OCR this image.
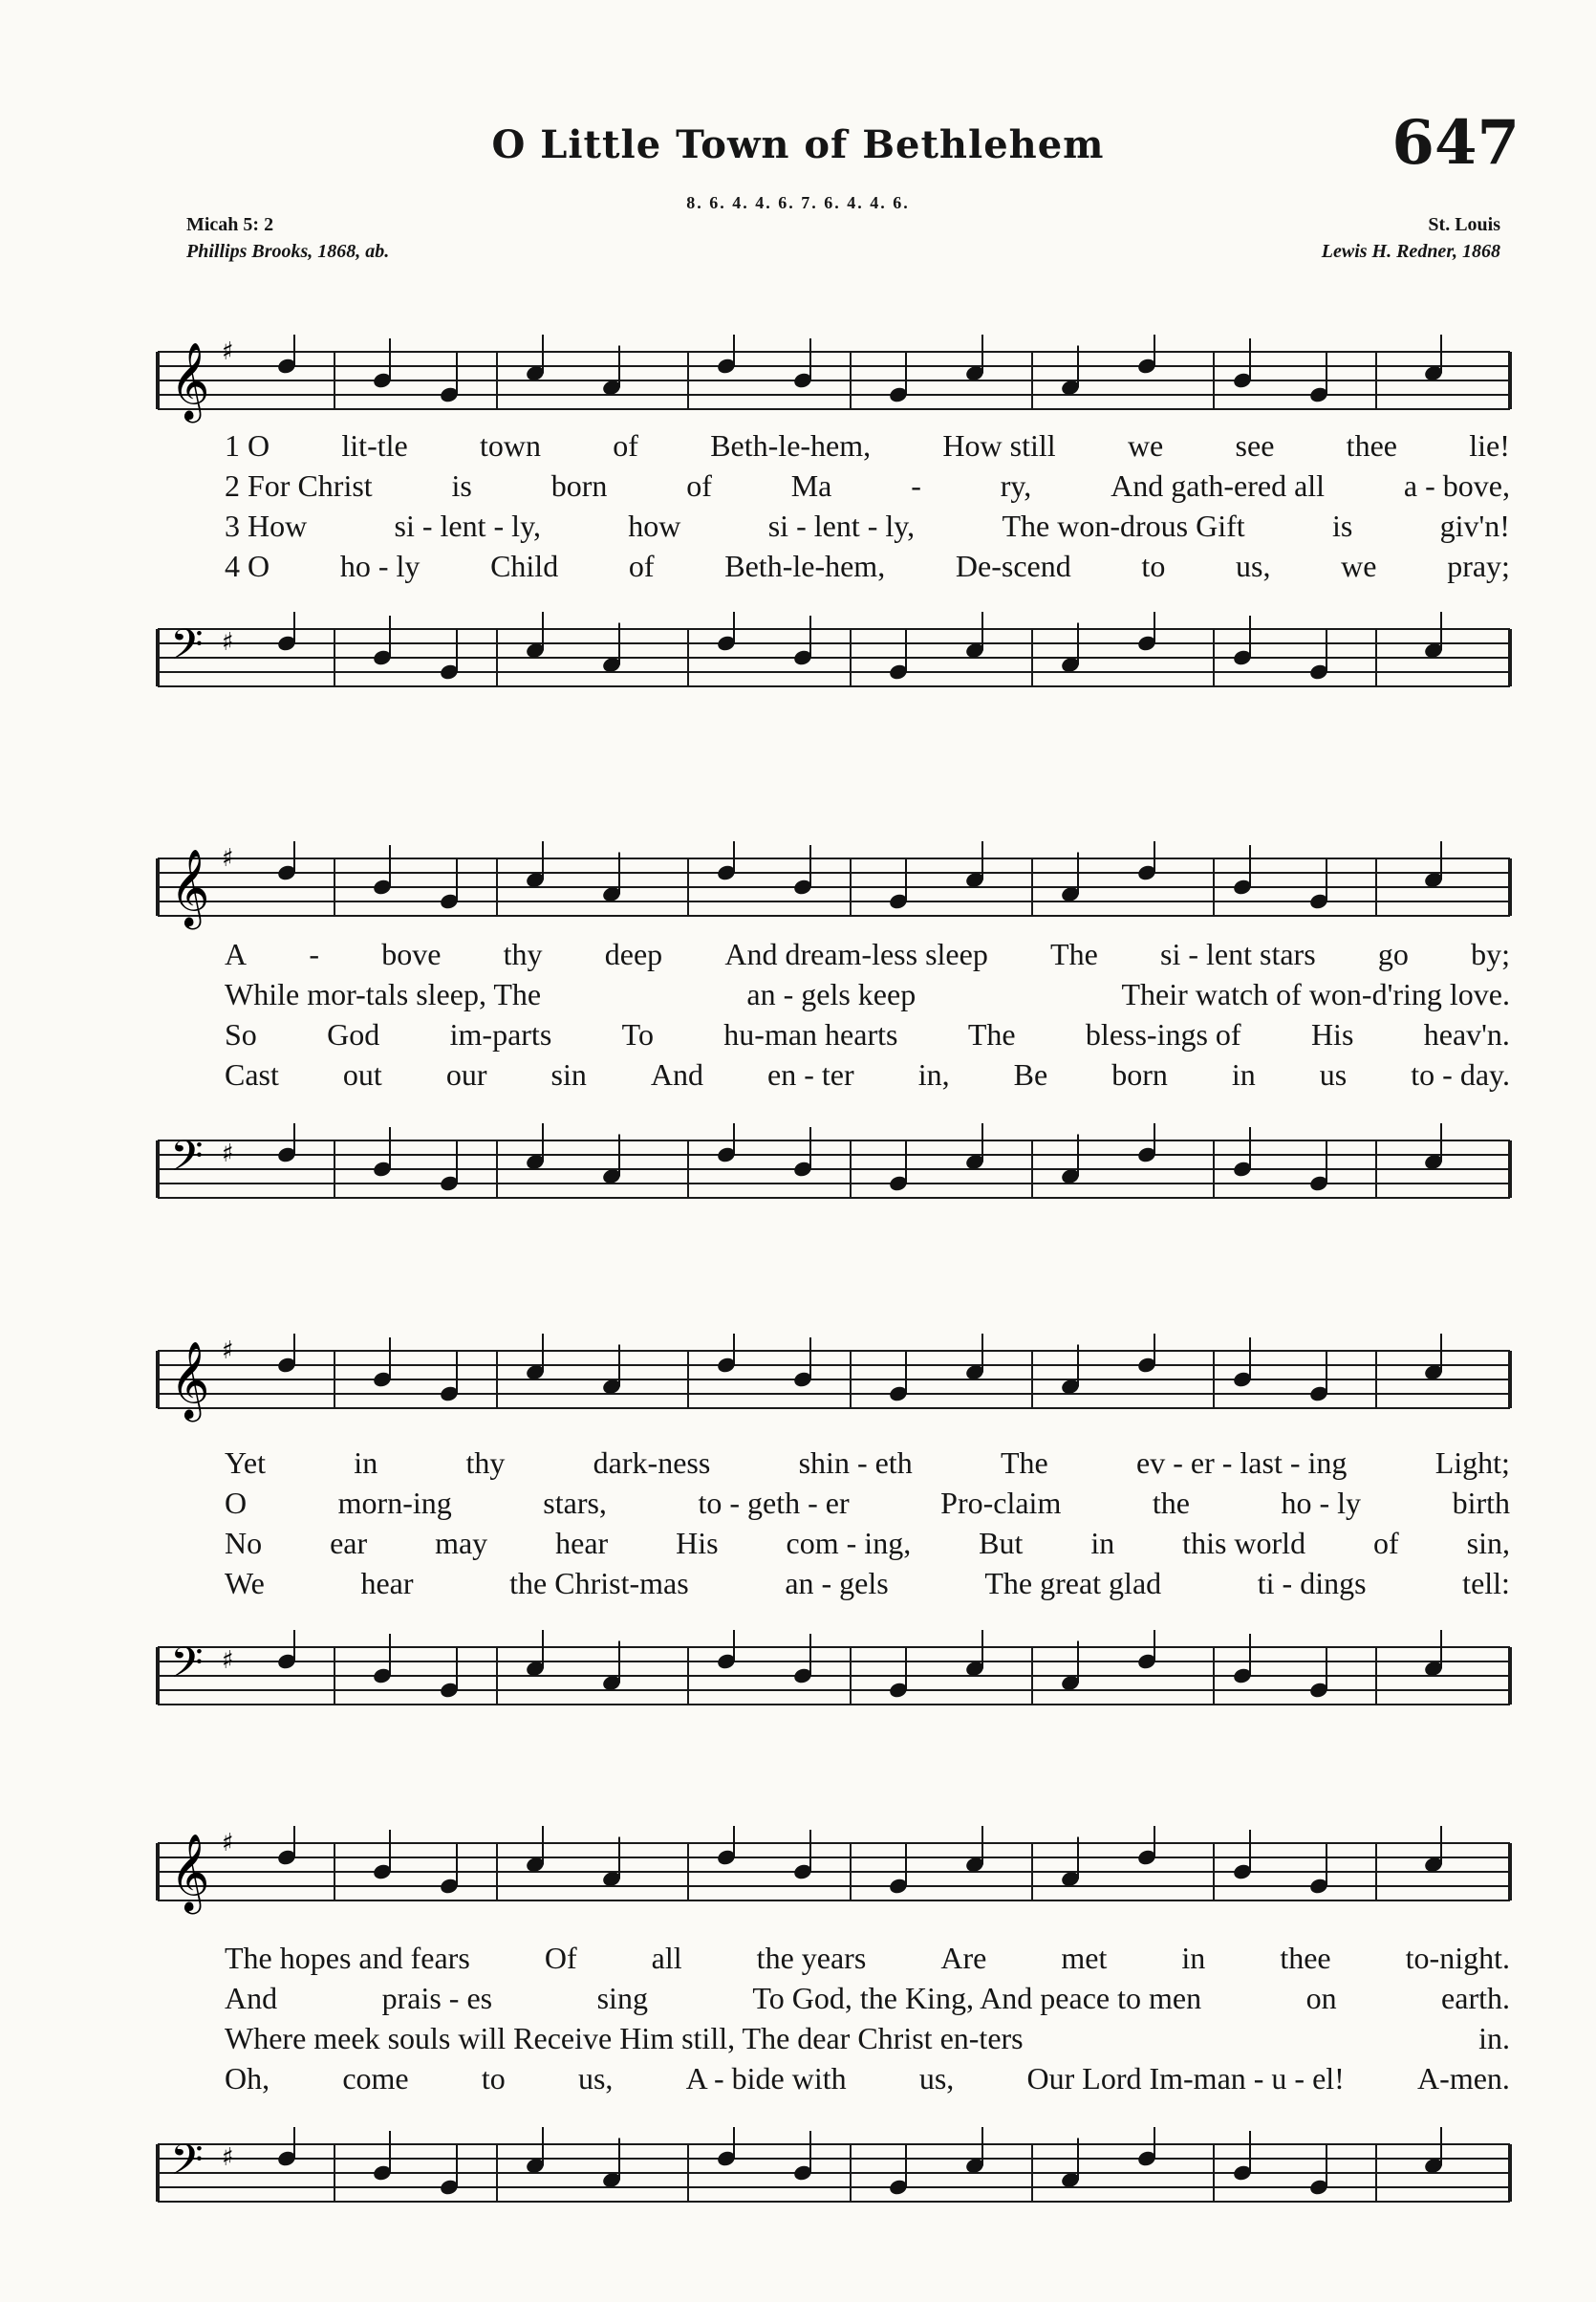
O Little Town of Bethlehem	647
8. 6. 4. 4. 6. 7. 6. 4. 4. 6.
Micah 5: 2	St. Louis
Phillips Brooks, 1868, ab.	Lewis H. Redner, 1868
𝄞 ♯
1 O lit-tle town of Beth-le-hem, How still we see thee lie!
2 For Christ	is	born	of	Ma	-	ry,	And gath-ered all	a - bove,
3 How	si - lent - ly,	how	si - lent - ly,	The won-drous Gift	is	giv'n!
4 O ho - ly Child of Beth-le-hem, De-scend to us, we pray;
𝄢 ♯
𝄞 ♯
A - bove thy deep And dream-less sleep The si - lent stars go by;
While mor-tals sleep, The	an - gels keep	Their watch of won-d'ring love.
So God im-parts To hu-man hearts The bless-ings of His heav'n.
Cast out our sin And en - ter in, Be born in us to - day.
𝄢 ♯
𝄞 ♯
Yet	in	thy	dark-ness	shin - eth	The	ev - er - last - ing	Light;
O	morn-ing	stars,	to - geth - er	Pro-claim	the	ho - ly	birth
No ear may hear His com - ing, But in this world of sin,
We	hear	the Christ-mas	an - gels	The great glad	ti - dings	tell:
𝄢 ♯
𝄞 ♯
The hopes and fears Of all the years Are met in thee to-night.
And	prais - es	sing	To God, the King, And peace to men	on	earth.
Where meek souls will Receive Him still, The dear Christ en-ters	in.
Oh, come to us, A - bide with us, Our Lord Im-man - u - el! A-men.
𝄢 ♯
